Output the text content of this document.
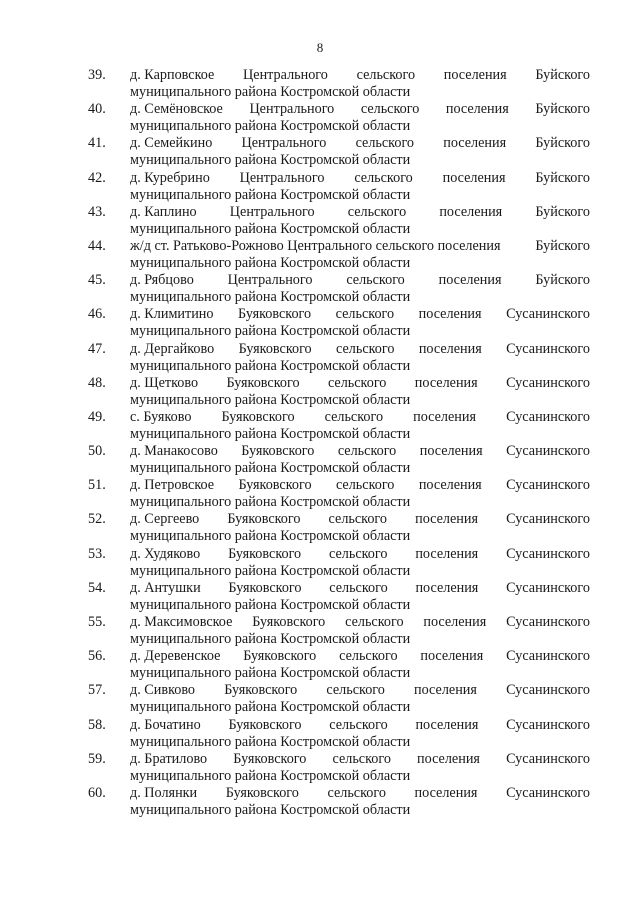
8
39.	д. Карповское Центрального сельского поселения Буйского
муниципального района Костромской области
40.	д. Семёновское Центрального сельского поселения Буйского
муниципального района Костромской области
41.	д. Семейкино Центрального сельского поселения Буйского
муниципального района Костромской области
42.	д. Куребрино Центрального сельского поселения Буйского
муниципального района Костромской области
43.	д. Каплино Центрального сельского поселения Буйского
муниципального района Костромской области
44.	ж/д ст. Ратьково-Рожново Центрального сельского поселения Буйского
муниципального района Костромской области
45.	д. Рябцово Центрального сельского поселения Буйского
муниципального района Костромской области
46.	д. Климитино Буяковского сельского поселения Сусанинского
муниципального района Костромской области
47.	д. Дергайково Буяковского сельского поселения Сусанинского
муниципального района Костромской области
48.	д. Щетково Буяковского сельского поселения Сусанинского
муниципального района Костромской области
49.	с. Буяково Буяковского сельского поселения Сусанинского
муниципального района Костромской области
50.	д. Манакосово Буяковского сельского поселения Сусанинского
муниципального района Костромской области
51.	д. Петровское Буяковского сельского поселения Сусанинского
муниципального района Костромской области
52.	д. Сергеево Буяковского сельского поселения Сусанинского
муниципального района Костромской области
53.	д. Худяково Буяковского сельского поселения Сусанинского
муниципального района Костромской области
54.	д. Антушки Буяковского сельского поселения Сусанинского
муниципального района Костромской области
55.	д. Максимовское Буяковского сельского поселения Сусанинского
муниципального района Костромской области
56.	д. Деревенское Буяковского сельского поселения Сусанинского
муниципального района Костромской области
57.	д. Сивково Буяковского сельского поселения Сусанинского
муниципального района Костромской области
58.	д. Бочатино Буяковского сельского поселения Сусанинского
муниципального района Костромской области
59.	д. Братилово Буяковского сельского поселения Сусанинского
муниципального района Костромской области
60.	д. Полянки Буяковского сельского поселения Сусанинского
муниципального района Костромской области
